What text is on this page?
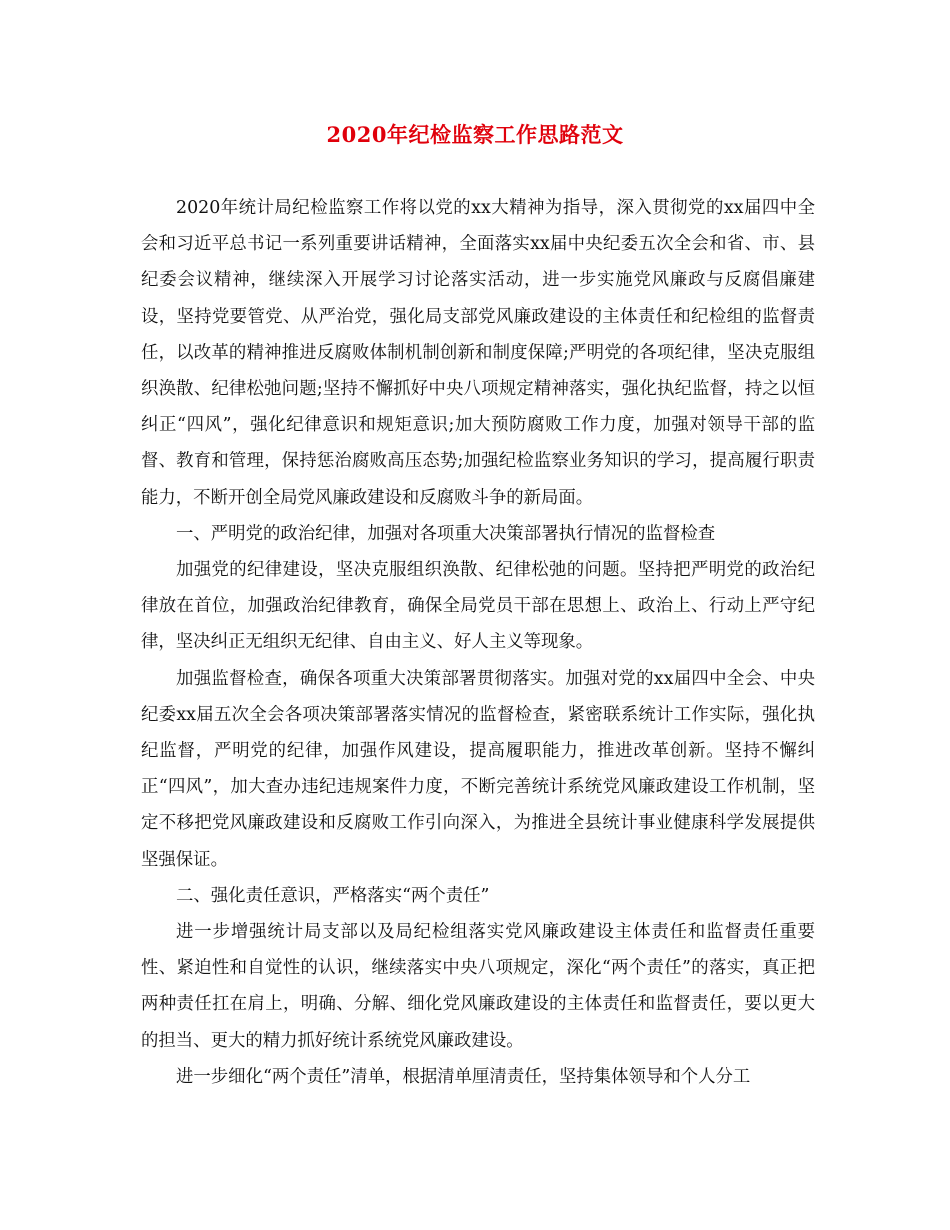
2020年纪检监察工作思路范文

2020年统计局纪检监察工作将以党的xx大精神为指导，深入贯彻党的xx届四中全会和习近平总书记一系列重要讲话精神，全面落实xx届中央纪委五次全会和省、市、县纪委会议精神，继续深入开展学习讨论落实活动，进一步实施党风廉政与反腐倡廉建设，坚持党要管党、从严治党，强化局支部党风廉政建设的主体责任和纪检组的监督责任，以改革的精神推进反腐败体制机制创新和制度保障;严明党的各项纪律，坚决克服组织涣散、纪律松弛问题;坚持不懈抓好中央八项规定精神落实，强化执纪监督，持之以恒纠正“四风”，强化纪律意识和规矩意识;加大预防腐败工作力度，加强对领导干部的监督、教育和管理，保持惩治腐败高压态势;加强纪检监察业务知识的学习，提高履行职责能力，不断开创全局党风廉政建设和反腐败斗争的新局面。

一、严明党的政治纪律，加强对各项重大决策部署执行情况的监督检查

加强党的纪律建设，坚决克服组织涣散、纪律松弛的问题。坚持把严明党的政治纪律放在首位，加强政治纪律教育，确保全局党员干部在思想上、政治上、行动上严守纪律，坚决纠正无组织无纪律、自由主义、好人主义等现象。

加强监督检查，确保各项重大决策部署贯彻落实。加强对党的xx届四中全会、中央纪委xx届五次全会各项决策部署落实情况的监督检查，紧密联系统计工作实际，强化执纪监督，严明党的纪律，加强作风建设，提高履职能力，推进改革创新。坚持不懈纠正“四风”，加大查办违纪违规案件力度，不断完善统计系统党风廉政建设工作机制，坚定不移把党风廉政建设和反腐败工作引向深入，为推进全县统计事业健康科学发展提供坚强保证。

二、强化责任意识，严格落实“两个责任”

进一步增强统计局支部以及局纪检组落实党风廉政建设主体责任和监督责任重要性、紧迫性和自觉性的认识，继续落实中央八项规定，深化“两个责任”的落实，真正把两种责任扛在肩上，明确、分解、细化党风廉政建设的主体责任和监督责任，要以更大的担当、更大的精力抓好统计系统党风廉政建设。

进一步细化“两个责任”清单，根据清单厘清责任，坚持集体领导和个人分工
